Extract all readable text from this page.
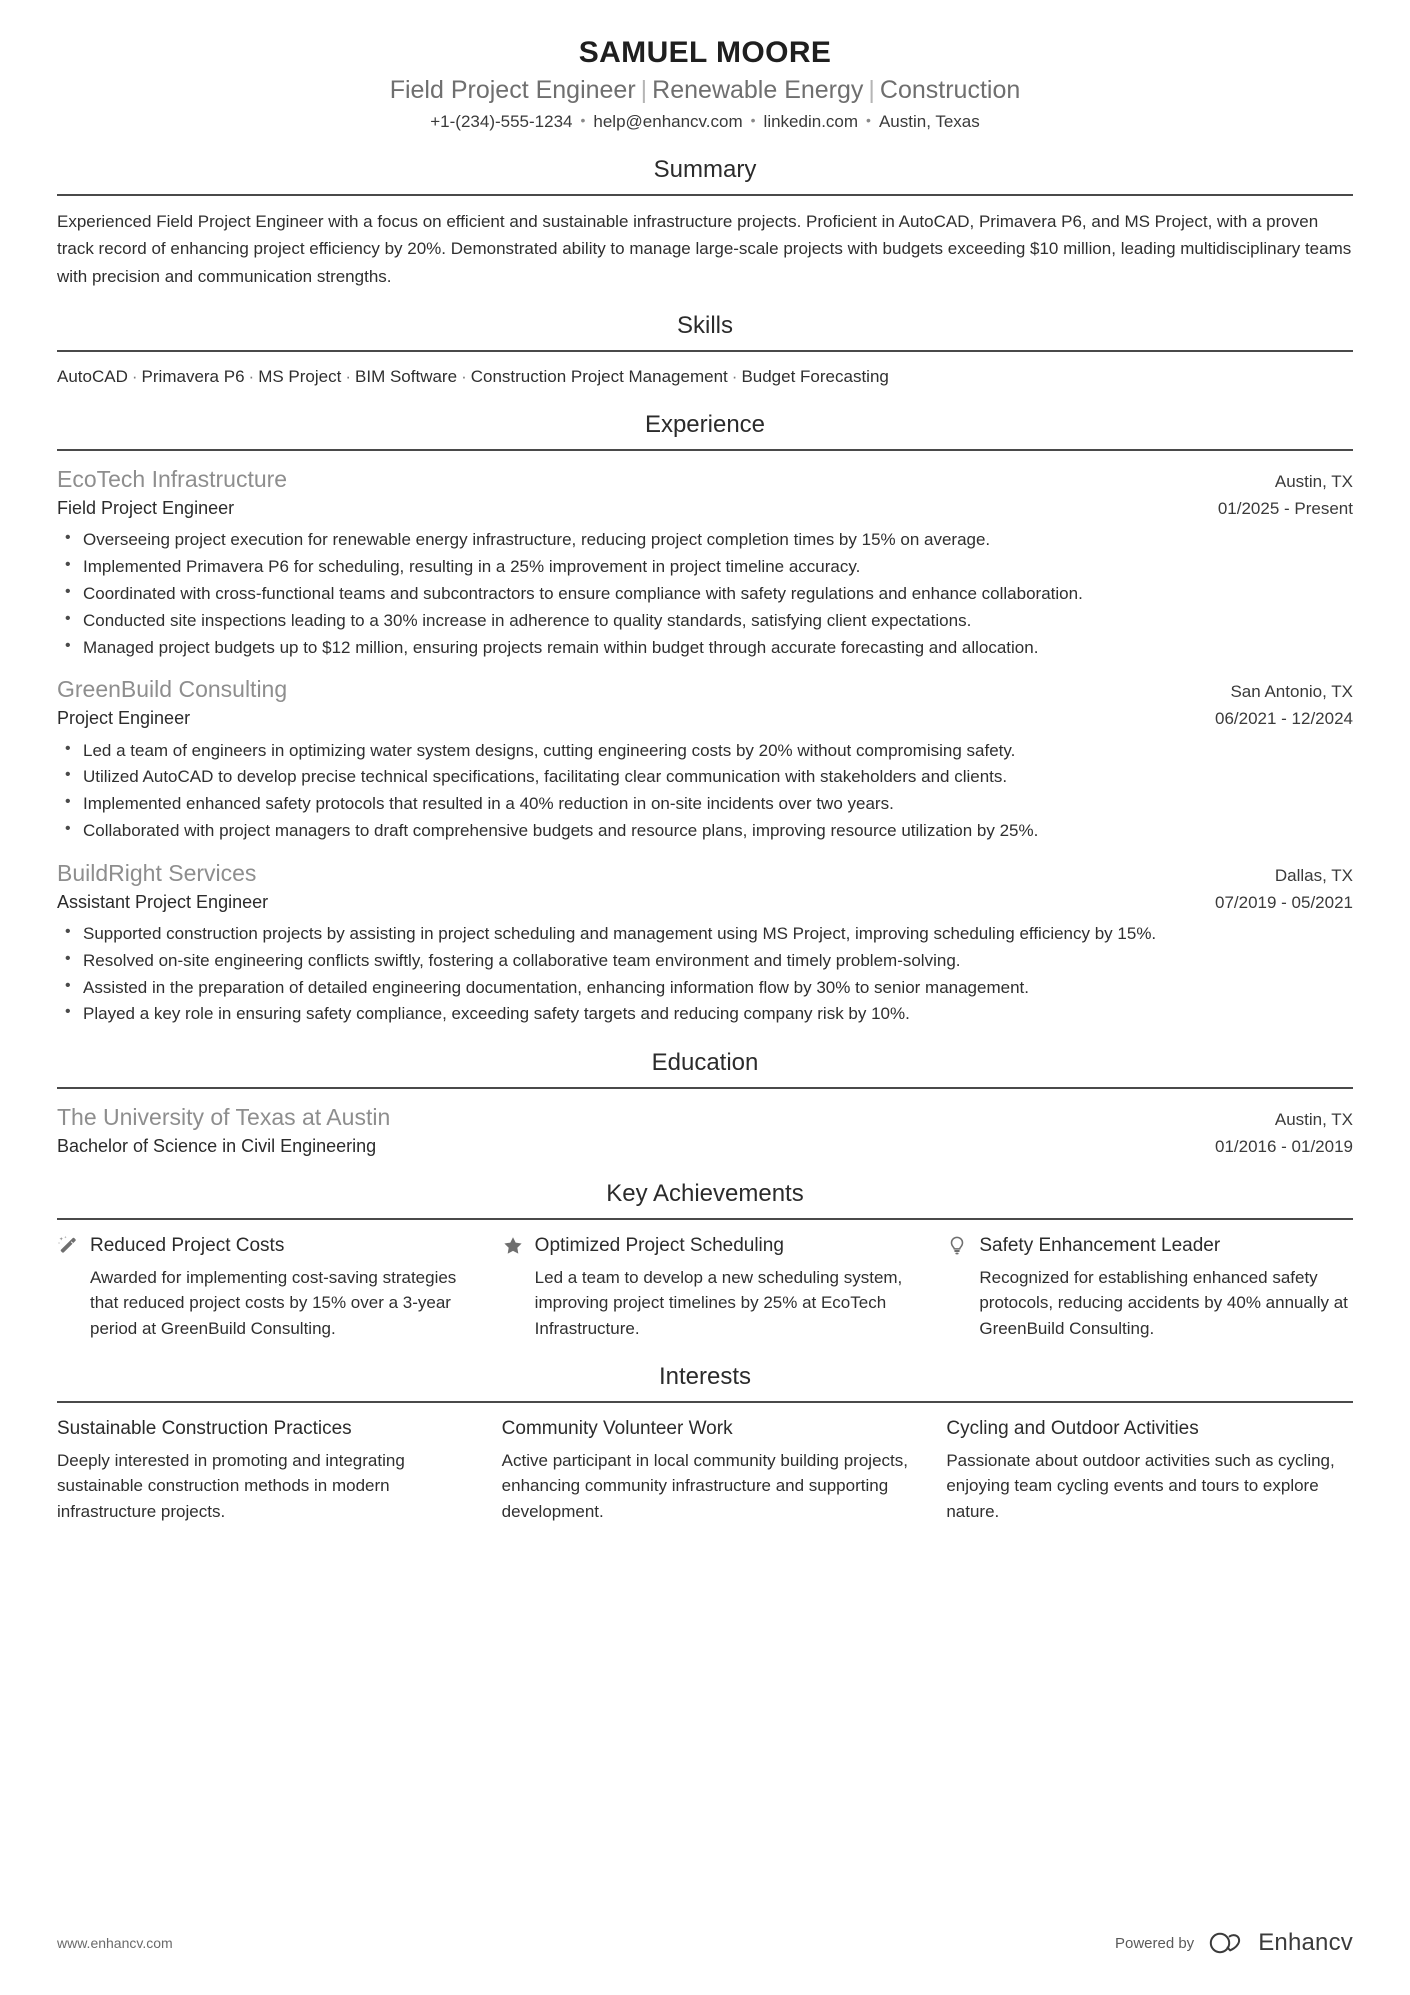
SAMUEL MOORE
Field Project Engineer | Renewable Energy | Construction
+1-(234)-555-1234 • help@enhancv.com • linkedin.com • Austin, Texas
Summary
Experienced Field Project Engineer with a focus on efficient and sustainable infrastructure projects. Proficient in AutoCAD, Primavera P6, and MS Project, with a proven track record of enhancing project efficiency by 20%. Demonstrated ability to manage large-scale projects with budgets exceeding $10 million, leading multidisciplinary teams with precision and communication strengths.
Skills
AutoCAD · Primavera P6 · MS Project · BIM Software · Construction Project Management · Budget Forecasting
Experience
EcoTech Infrastructure	Austin, TX
Field Project Engineer	01/2025 - Present
• Overseeing project execution for renewable energy infrastructure, reducing project completion times by 15% on average.
• Implemented Primavera P6 for scheduling, resulting in a 25% improvement in project timeline accuracy.
• Coordinated with cross-functional teams and subcontractors to ensure compliance with safety regulations and enhance collaboration.
• Conducted site inspections leading to a 30% increase in adherence to quality standards, satisfying client expectations.
• Managed project budgets up to $12 million, ensuring projects remain within budget through accurate forecasting and allocation.
GreenBuild Consulting	San Antonio, TX
Project Engineer	06/2021 - 12/2024
• Led a team of engineers in optimizing water system designs, cutting engineering costs by 20% without compromising safety.
• Utilized AutoCAD to develop precise technical specifications, facilitating clear communication with stakeholders and clients.
• Implemented enhanced safety protocols that resulted in a 40% reduction in on-site incidents over two years.
• Collaborated with project managers to draft comprehensive budgets and resource plans, improving resource utilization by 25%.
BuildRight Services	Dallas, TX
Assistant Project Engineer	07/2019 - 05/2021
• Supported construction projects by assisting in project scheduling and management using MS Project, improving scheduling efficiency by 15%.
• Resolved on-site engineering conflicts swiftly, fostering a collaborative team environment and timely problem-solving.
• Assisted in the preparation of detailed engineering documentation, enhancing information flow by 30% to senior management.
• Played a key role in ensuring safety compliance, exceeding safety targets and reducing company risk by 10%.
Education
The University of Texas at Austin	Austin, TX
Bachelor of Science in Civil Engineering	01/2016 - 01/2019
Key Achievements
Reduced Project Costs
Awarded for implementing cost-saving strategies that reduced project costs by 15% over a 3-year period at GreenBuild Consulting.
Optimized Project Scheduling
Led a team to develop a new scheduling system, improving project timelines by 25% at EcoTech Infrastructure.
Safety Enhancement Leader
Recognized for establishing enhanced safety protocols, reducing accidents by 40% annually at GreenBuild Consulting.
Interests
Sustainable Construction Practices
Deeply interested in promoting and integrating sustainable construction methods in modern infrastructure projects.
Community Volunteer Work
Active participant in local community building projects, enhancing community infrastructure and supporting development.
Cycling and Outdoor Activities
Passionate about outdoor activities such as cycling, enjoying team cycling events and tours to explore nature.
www.enhancv.com	Powered by	Enhancv
